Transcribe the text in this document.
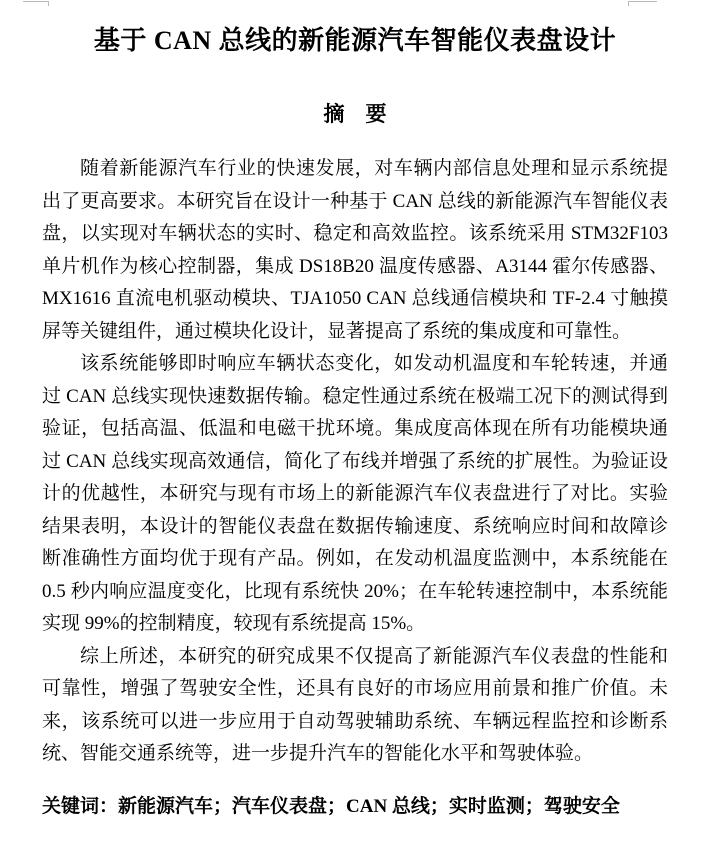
基于 CAN 总线的新能源汽车智能仪表盘设计
摘　要

随着新能源汽车行业的快速发展，对车辆内部信息处理和显示系统提出了更高要求。本研究旨在设计一种基于 CAN 总线的新能源汽车智能仪表盘，以实现对车辆状态的实时、稳定和高效监控。该系统采用 STM32F103 单片机作为核心控制器，集成 DS18B20 温度传感器、A3144 霍尔传感器、MX1616 直流电机驱动模块、TJA1050 CAN 总线通信模块和 TF-2.4 寸触摸屏等关键组件，通过模块化设计，显著提高了系统的集成度和可靠性。

该系统能够即时响应车辆状态变化，如发动机温度和车轮转速，并通过 CAN 总线实现快速数据传输。稳定性通过系统在极端工况下的测试得到验证，包括高温、低温和电磁干扰环境。集成度高体现在所有功能模块通过 CAN 总线实现高效通信，简化了布线并增强了系统的扩展性。为验证设计的优越性，本研究与现有市场上的新能源汽车仪表盘进行了对比。实验结果表明，本设计的智能仪表盘在数据传输速度、系统响应时间和故障诊断准确性方面均优于现有产品。例如，在发动机温度监测中，本系统能在 0.5 秒内响应温度变化，比现有系统快 20%；在车轮转速控制中，本系统能实现 99%的控制精度，较现有系统提高 15%。

综上所述，本研究的研究成果不仅提高了新能源汽车仪表盘的性能和可靠性，增强了驾驶安全性，还具有良好的市场应用前景和推广价值。未来，该系统可以进一步应用于自动驾驶辅助系统、车辆远程监控和诊断系统、智能交通系统等，进一步提升汽车的智能化水平和驾驶体验。

关键词：新能源汽车；汽车仪表盘；CAN 总线；实时监测；驾驶安全
